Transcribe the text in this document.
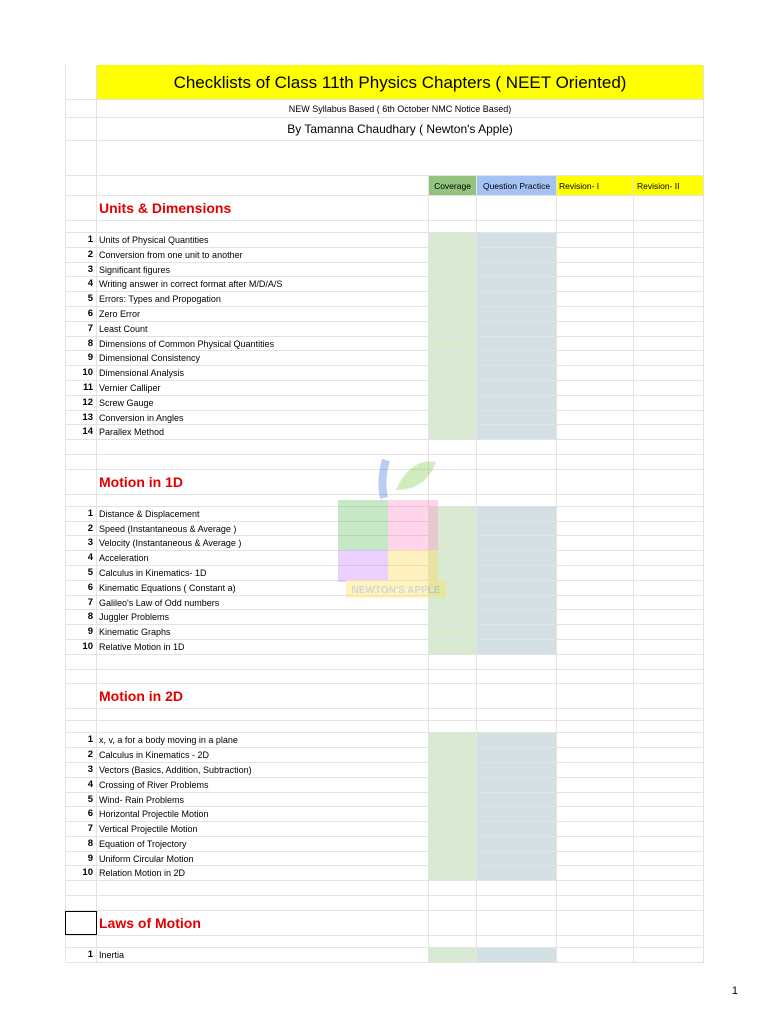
Checklists of Class 11th Physics Chapters ( NEET Oriented)
NEW Syllabus Based ( 6th October NMC Notice Based)
By Tamanna Chaudhary ( Newton's Apple)
Coverage	Question Practice	Revision- I	Revision- II
Units & Dimensions
1 Units of Physical Quantities
2 Conversion from one unit to another
3 Significant figures
4 Writing answer in correct format after M/D/A/S
5 Errors: Types and Propogation
6 Zero Error
7 Least Count
8 Dimensions of Common Physical Quantities
9 Dimensional Consistency
10 Dimensional Analysis
11 Vernier Calliper
12 Screw Gauge
13 Conversion in Angles
14 Parallex Method
Motion in 1D
1 Distance & Displacement
2 Speed (Instantaneous & Average )
3 Velocity (Instantaneous & Average )
4 Acceleration
5 Calculus in Kinematics- 1D
6 Kinematic Equations ( Constant a)
7 Galileo's Law of Odd numbers
8 Juggler Problems
9 Kinematic Graphs
10 Relative Motion in 1D
Motion in 2D
1 x, v, a for a body moving in a plane
2 Calculus in Kinematics - 2D
3 Vectors (Basics, Addition, Subtraction)
4 Crossing of River Problems
5 Wind- Rain Problems
6 Horizontal Projectile Motion
7 Vertical Projectile Motion
8 Equation of Trojectory
9 Uniform Circular Motion
10 Relation Motion in 2D
Laws of Motion
1 Inertia
NEWTON'S APPLE
1
